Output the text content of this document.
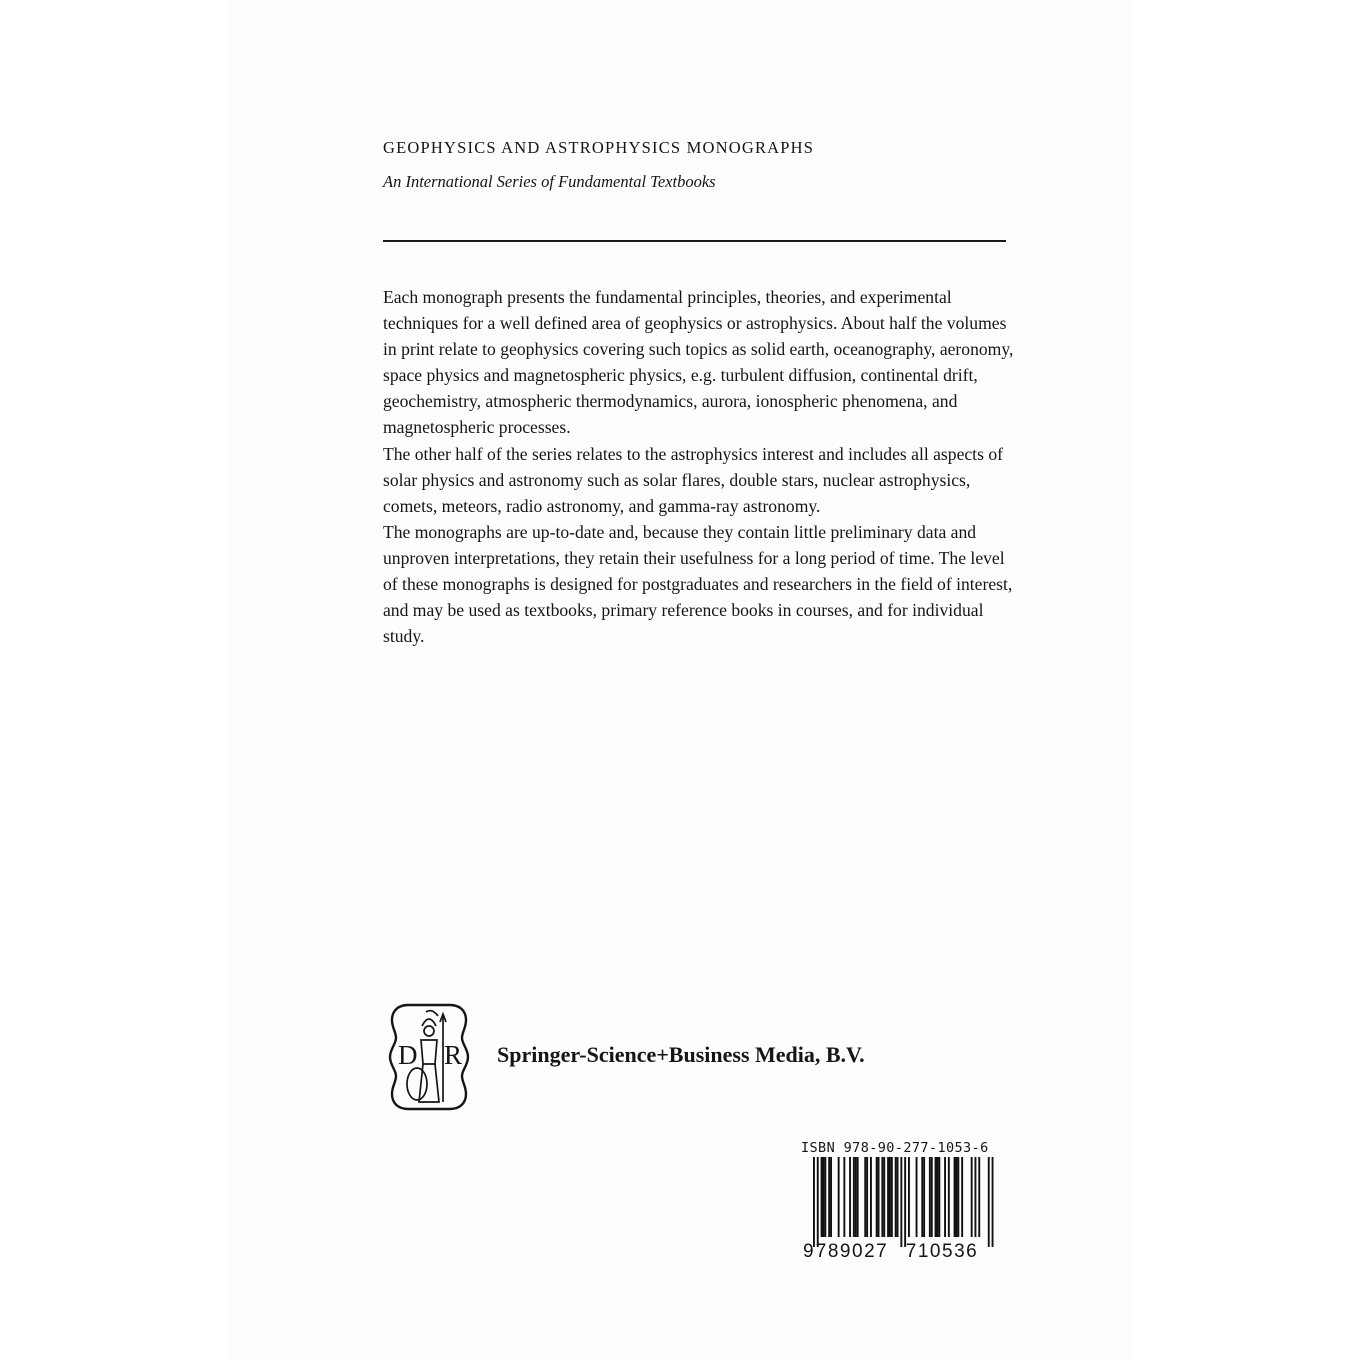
GEOPHYSICS AND ASTROPHYSICS MONOGRAPHS
An International Series of Fundamental Textbooks

Each monograph presents the fundamental principles, theories, and experimental techniques for a well defined area of geophysics or astrophysics. About half the volumes in print relate to geophysics covering such topics as solid earth, oceanography, aeronomy, space physics and magnetospheric physics, e.g. turbulent diffusion, continental drift, geochemistry, atmospheric thermodynamics, aurora, ionospheric phenomena, and magnetospheric processes.

The other half of the series relates to the astrophysics interest and includes all aspects of solar physics and astronomy such as solar flares, double stars, nuclear astrophysics, comets, meteors, radio astronomy, and gamma-ray astronomy.

The monographs are up-to-date and, because they contain little preliminary data and unproven interpretations, they retain their usefulness for a long period of time. The level of these monographs is designed for postgraduates and researchers in the field of interest, and may be used as textbooks, primary reference books in courses, and for individual study.

D R Springer-Science+Business Media, B.V.
ISBN 978-90-277-1053-6
9 789027 710536
